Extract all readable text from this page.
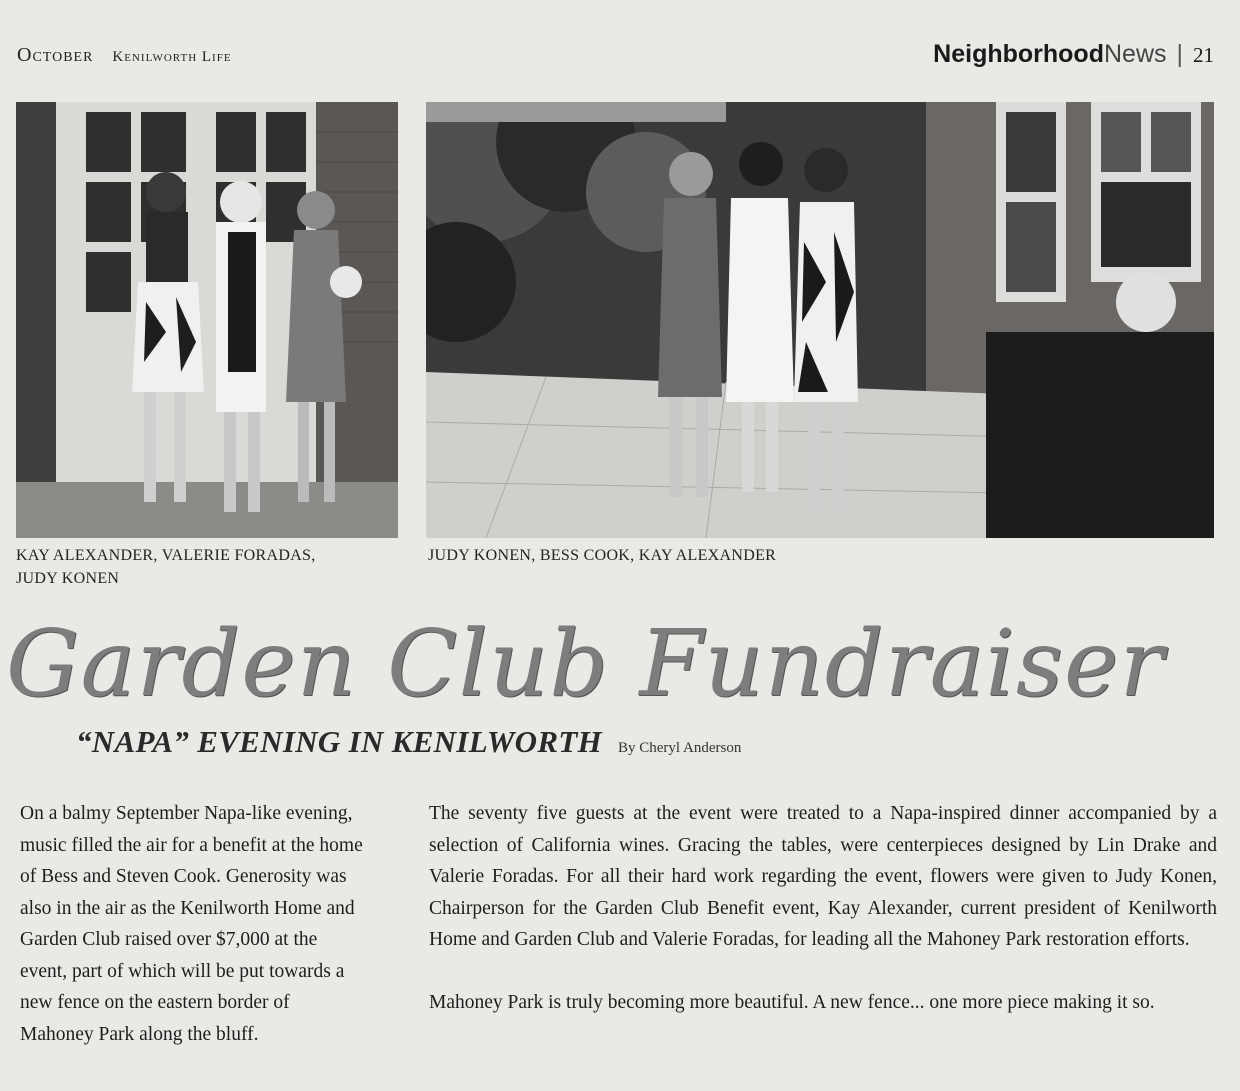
October Kenilworth Life	NeighborhoodNews | 21
KAY ALEXANDER, VALERIE FORADAS, JUDY KONEN
JUDY KONEN, BESS COOK, KAY ALEXANDER
Garden Club Fundraiser
“NAPA” EVENING IN KENILWORTH By Cheryl Anderson

On a balmy September Napa-like evening, music filled the air for a benefit at the home of Bess and Steven Cook. Generosity was also in the air as the Kenilworth Home and Garden Club raised over $7,000 at the event, part of which will be put towards a new fence on the eastern border of Mahoney Park along the bluff.

The seventy five guests at the event were treated to a Napa-inspired dinner accompanied by a selection of California wines. Gracing the tables, were centerpieces designed by Lin Drake and Valerie Foradas. For all their hard work regarding the event, flowers were given to Judy Konen, Chairperson for the Garden Club Benefit event, Kay Alexander, current president of Kenilworth Home and Garden Club and Valerie Foradas, for leading all the Mahoney Park restoration efforts.

Mahoney Park is truly becoming more beautiful. A new fence... one more piece making it so.
